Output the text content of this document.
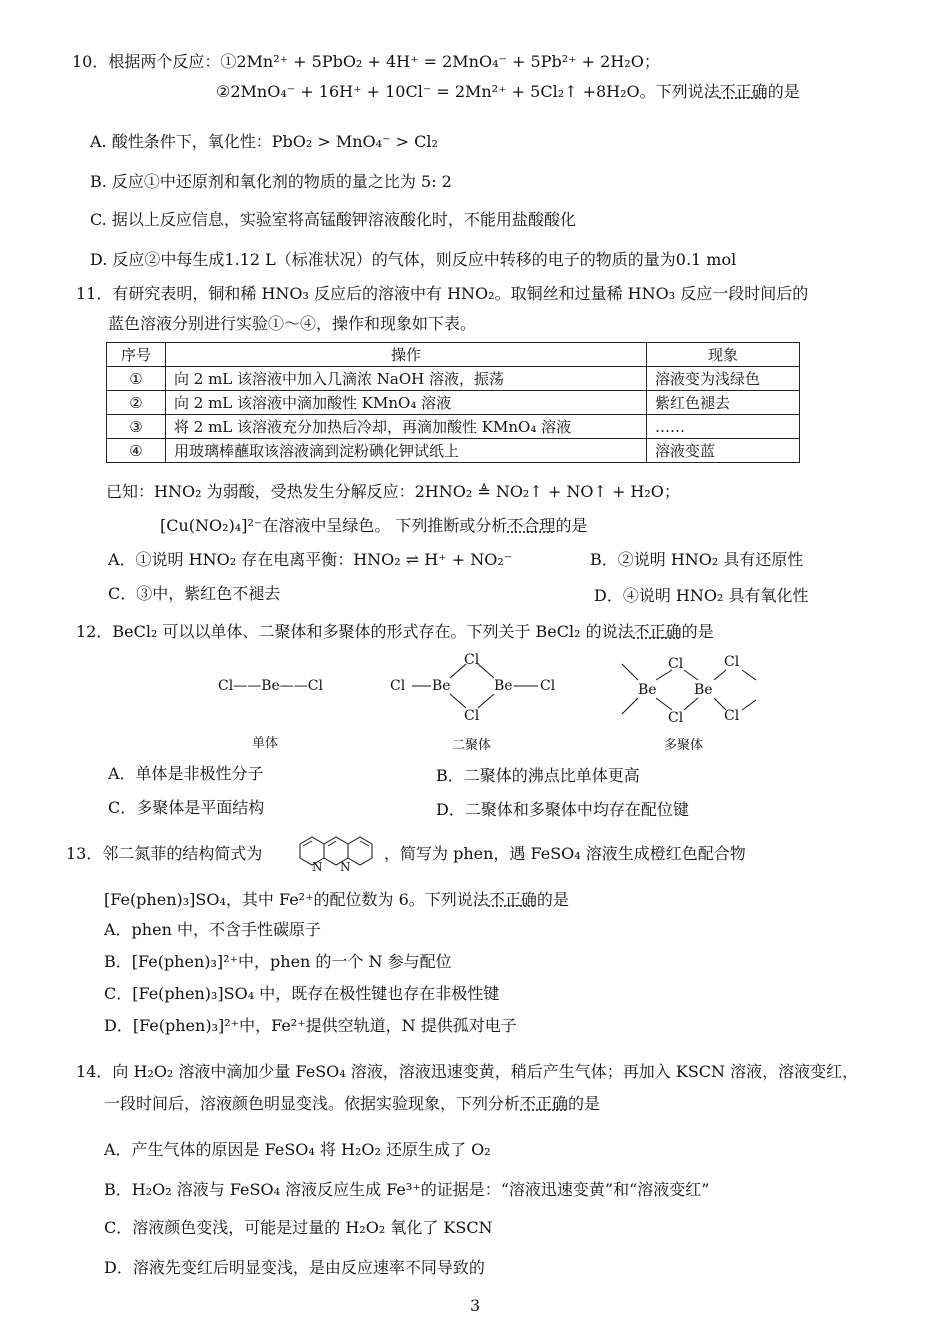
10．根据两个反应：①2Mn²⁺ + 5PbO₂ + 4H⁺ = 2MnO₄⁻ + 5Pb²⁺ + 2H₂O；
②2MnO₄⁻ + 16H⁺ + 10Cl⁻ = 2Mn²⁺ + 5Cl₂↑ +8H₂O。下列说法不正确的是
A. 酸性条件下，氧化性：PbO₂ > MnO₄⁻ > Cl₂
B. 反应①中还原剂和氧化剂的物质的量之比为 5: 2
C. 据以上反应信息，实验室将高锰酸钾溶液酸化时，不能用盐酸酸化
D. 反应②中每生成1.12 L（标准状况）的气体，则反应中转移的电子的物质的量为0.1 mol
11．有研究表明，铜和稀 HNO₃ 反应后的溶液中有 HNO₂。取铜丝和过量稀 HNO₃ 反应一段时间后的
蓝色溶液分别进行实验①～④，操作和现象如下表。
序号	操作	现象
①	向 2 mL 该溶液中加入几滴浓 NaOH 溶液，振荡	溶液变为浅绿色
②	向 2 mL 该溶液中滴加酸性 KMnO₄ 溶液	紫红色褪去
③	将 2 mL 该溶液充分加热后冷却，再滴加酸性 KMnO₄ 溶液	……
④	用玻璃棒蘸取该溶液滴到淀粉碘化钾试纸上	溶液变蓝
已知：HNO₂ 为弱酸，受热发生分解反应：2HNO₂ ≜ NO₂↑ + NO↑ + H₂O；
[Cu(NO₂)₄]²⁻在溶液中呈绿色。 下列推断或分析不合理的是
A．①说明 HNO₂ 存在电离平衡：HNO₂ ⇌ H⁺ + NO₂⁻	B．②说明 HNO₂ 具有还原性
C．③中，紫红色不褪去	D．④说明 HNO₂ 具有氧化性
12．BeCl₂ 可以以单体、二聚体和多聚体的形式存在。下列关于 BeCl₂ 的说法不正确的是
Cl——Be——Cl
单体
Cl Be
Cl
Cl
Be Cl
二聚体
Be
Cl
Cl
Be
Cl
Cl
多聚体
A．单体是非极性分子	B．二聚体的沸点比单体更高
C．多聚体是平面结构	D．二聚体和多聚体中均存在配位键
13．邻二氮菲的结构简式为
N N
，简写为 phen，遇 FeSO₄ 溶液生成橙红色配合物
[Fe(phen)₃]SO₄，其中 Fe²⁺的配位数为 6。下列说法不正确的是
A．phen 中，不含手性碳原子
B．[Fe(phen)₃]²⁺中，phen 的一个 N 参与配位
C．[Fe(phen)₃]SO₄ 中，既存在极性键也存在非极性键
D．[Fe(phen)₃]²⁺中，Fe²⁺提供空轨道，N 提供孤对电子
14．向 H₂O₂ 溶液中滴加少量 FeSO₄ 溶液，溶液迅速变黄，稍后产生气体；再加入 KSCN 溶液，溶液变红，
一段时间后，溶液颜色明显变浅。依据实验现象，下列分析不正确的是
A．产生气体的原因是 FeSO₄ 将 H₂O₂ 还原生成了 O₂
B．H₂O₂ 溶液与 FeSO₄ 溶液反应生成 Fe³⁺的证据是：“溶液迅速变黄”和“溶液变红”
C．溶液颜色变浅，可能是过量的 H₂O₂ 氧化了 KSCN
D．溶液先变红后明显变浅，是由反应速率不同导致的
3
